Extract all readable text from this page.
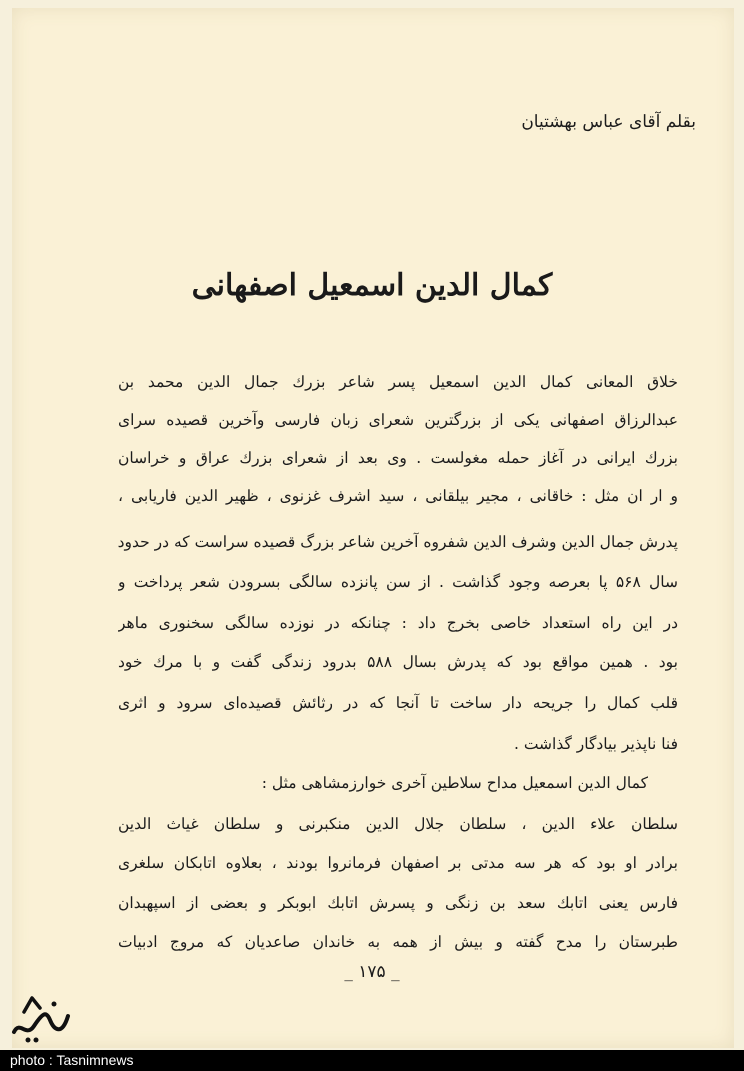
بقلم آقای عباس بهشتیان
کمال الدین اسمعیل اصفهانی
خلاق المعانی کمال الدین اسمعیل پسر شاعر بزرك جمال الدین محمد بن
عبدالرزاق اصفهانی یکی از بزرگترین شعرای زبان فارسی وآخرین قصیده سرای
بزرك ایرانی در آغاز حمله مغولست . وی بعد از شعرای بزرك عراق و خراسان
و ار ان مثل : خاقانی ، مجیر بیلقانی ، سید اشرف غزنوی ، ظهیر الدین فاریابی ،
پدرش جمال الدین وشرف الدین شفروه آخرین شاعر بزرگ قصیده سراست که در حدود
سال ۵۶۸ پا بعرصه وجود گذاشت . از سن پانزده سالگی بسرودن شعر پرداخت و
در این راه استعداد خاصی بخرج داد : چنانکه در نوزده سالگی سخنوری ماهر
بود . همین مواقع بود که پدرش بسال ۵۸۸ بدرود زندگی گفت و با مرك خود
قلب کمال را جریحه دار ساخت تا آنجا که در رثائش قصیده‌ای سرود و اثری
فنا ناپذیر بیادگار گذاشت .
کمال الدین اسمعیل مداح سلاطین آخری خوارزمشاهی مثل :
سلطان علاء الدین ، سلطان جلال الدین منکبرنی و سلطان غیاث الدین
برادر او بود که هر سه مدتی بر اصفهان فرمانروا بودند ، بعلاوه اتابکان سلغری
فارس یعنی اتابك سعد بن زنگی و پسرش اتابك ابوبکر و بعضی از اسپهبدان
طبرستان را مدح گفته و بیش از همه به خاندان صاعدیان که مروج ادبیات
_ ۱۷۵ _
photo : Tasnimnews
